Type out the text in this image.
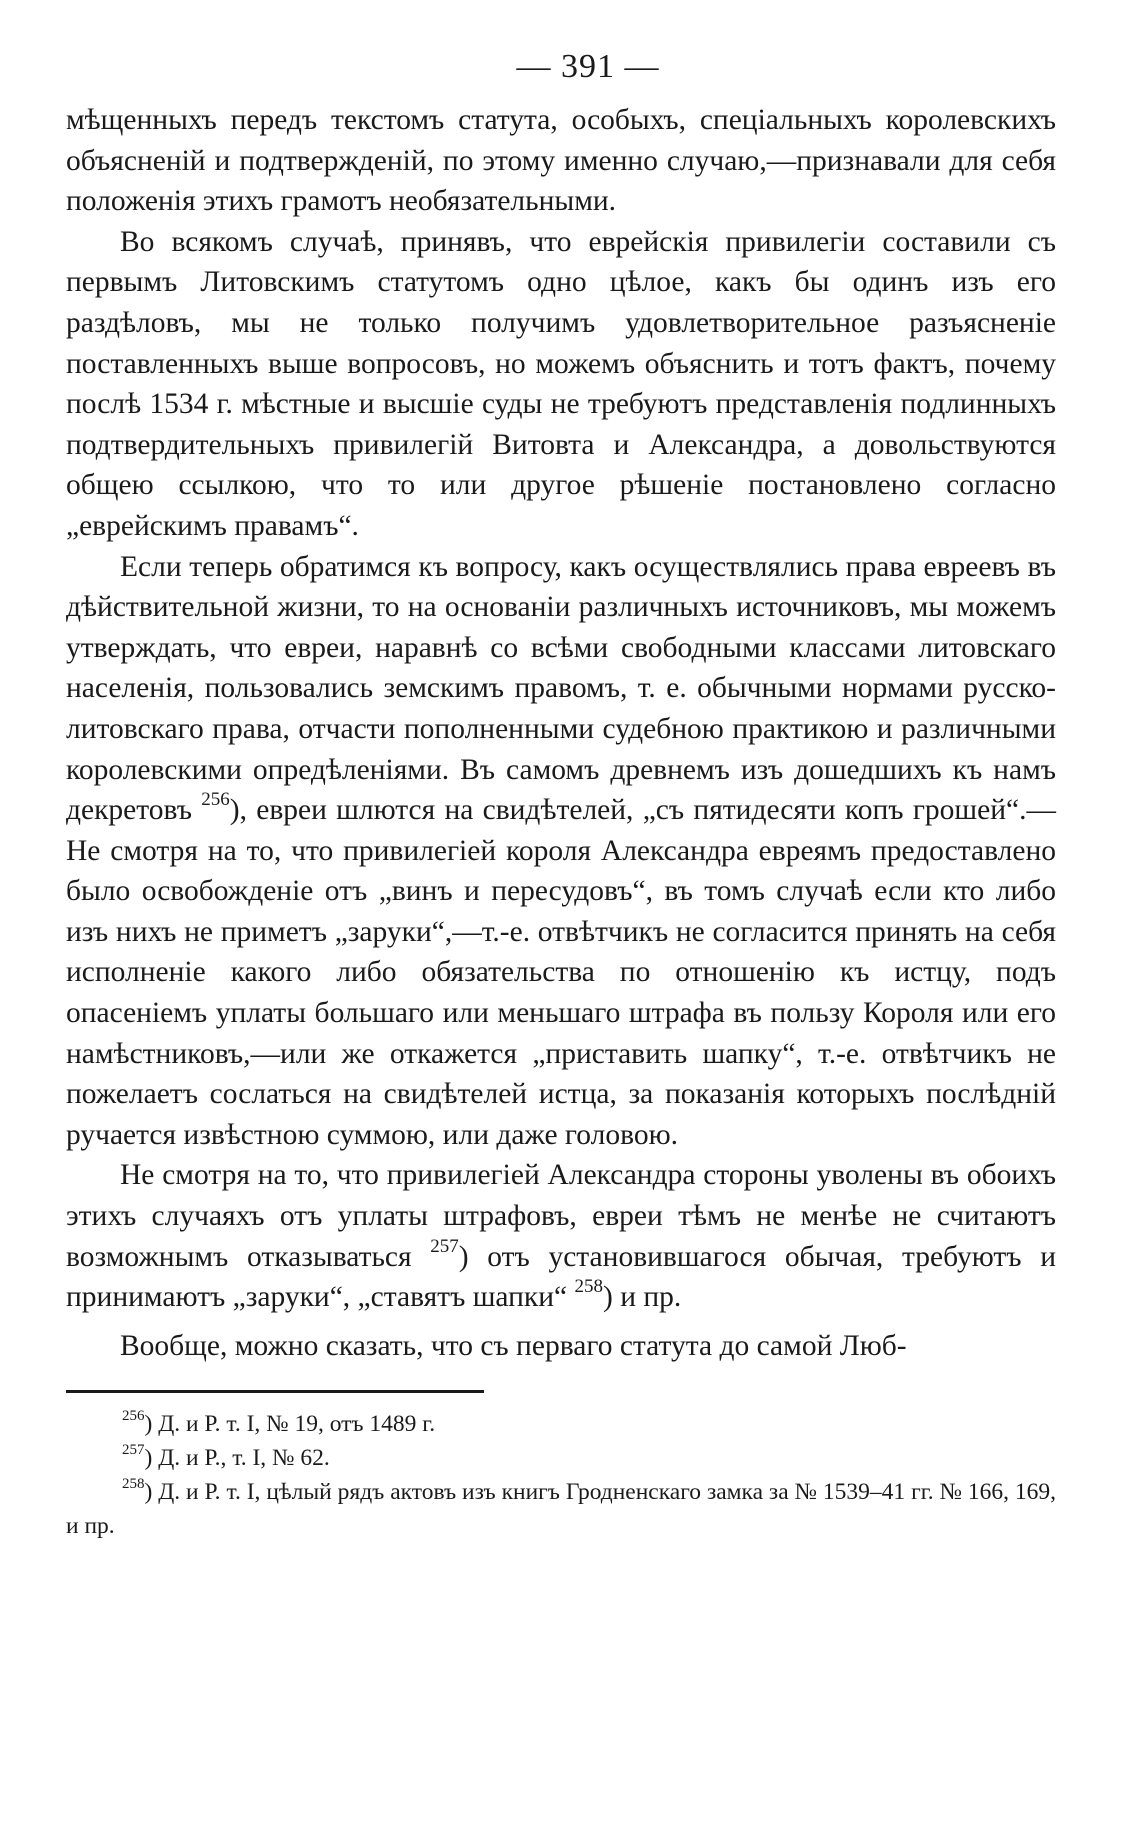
— 391 —

мѣщенныхъ передъ текстомъ статута, особыхъ, спеціальныхъ королевскихъ объясненій и подтвержденій, по этому именно случаю,—признавали для себя положенія этихъ грамотъ необязательными.

Во всякомъ случаѣ, принявъ, что еврейскія привилегіи составили съ первымъ Литовскимъ статутомъ одно цѣлое, какъ бы одинъ изъ его раздѣловъ, мы не только получимъ удовлетворительное разъясненіе поставленныхъ выше вопросовъ, но можемъ объяснить и тотъ фактъ, почему послѣ 1534 г. мѣстные и высшіе суды не требуютъ представленія подлинныхъ подтвердительныхъ привилегій Витовта и Александра, а довольствуются общею ссылкою, что то или другое рѣшеніе постановлено согласно „еврейскимъ правамъ“.

Если теперь обратимся къ вопросу, какъ осуществлялись права евреевъ въ дѣйствительной жизни, то на основаніи различныхъ источниковъ, мы можемъ утверждать, что евреи, наравнѣ со всѣми свободными классами литовскаго населенія, пользовались земскимъ правомъ, т. е. обычными нормами русско-литовскаго права, отчасти пополненными судебною практикою и различными королевскими опредѣленіями. Въ самомъ древнемъ изъ дошедшихъ къ намъ декретовъ $^{256}$), евреи шлются на свидѣтелей, „съ пятидесяти копъ грошей“.—Не смотря на то, что привилегіей короля Александра евреямъ предоставлено было освобожденіе отъ „винъ и пересудовъ“, въ томъ случаѣ если кто либо изъ нихъ не приметъ „заруки“,—т.-е. отвѣтчикъ не согласится принять на себя исполненіе какого либо обязательства по отношенію къ истцу, подъ опасеніемъ уплаты большаго или меньшаго штрафа въ пользу Короля или его намѣстниковъ,—или же откажется „приставить шапку“, т.-е. отвѣтчикъ не пожелаетъ сослаться на свидѣтелей истца, за показанія которыхъ послѣдній ручается извѣстною суммою, или даже головою.

Не смотря на то, что привилегіей Александра стороны уволены въ обоихъ этихъ случаяхъ отъ уплаты штрафовъ, евреи тѣмъ не менѣе не считаютъ возможнымъ отказываться $^{257}$) отъ установившагося обычая, требуютъ и принимаютъ „заруки“, „ставятъ шапки“ $^{258}$) и пр.

Вообще, можно сказать, что съ перваго статута до самой Люб-

$^{256}$) Д. и Р. т. I, № 19, отъ 1489 г.

$^{257}$) Д. и Р., т. I, № 62.

$^{258}$) Д. и Р. т. I, цѣлый рядъ актовъ изъ книгъ Гродненскаго замка за № 1539–41 гг. № 166, 169, и пр.
